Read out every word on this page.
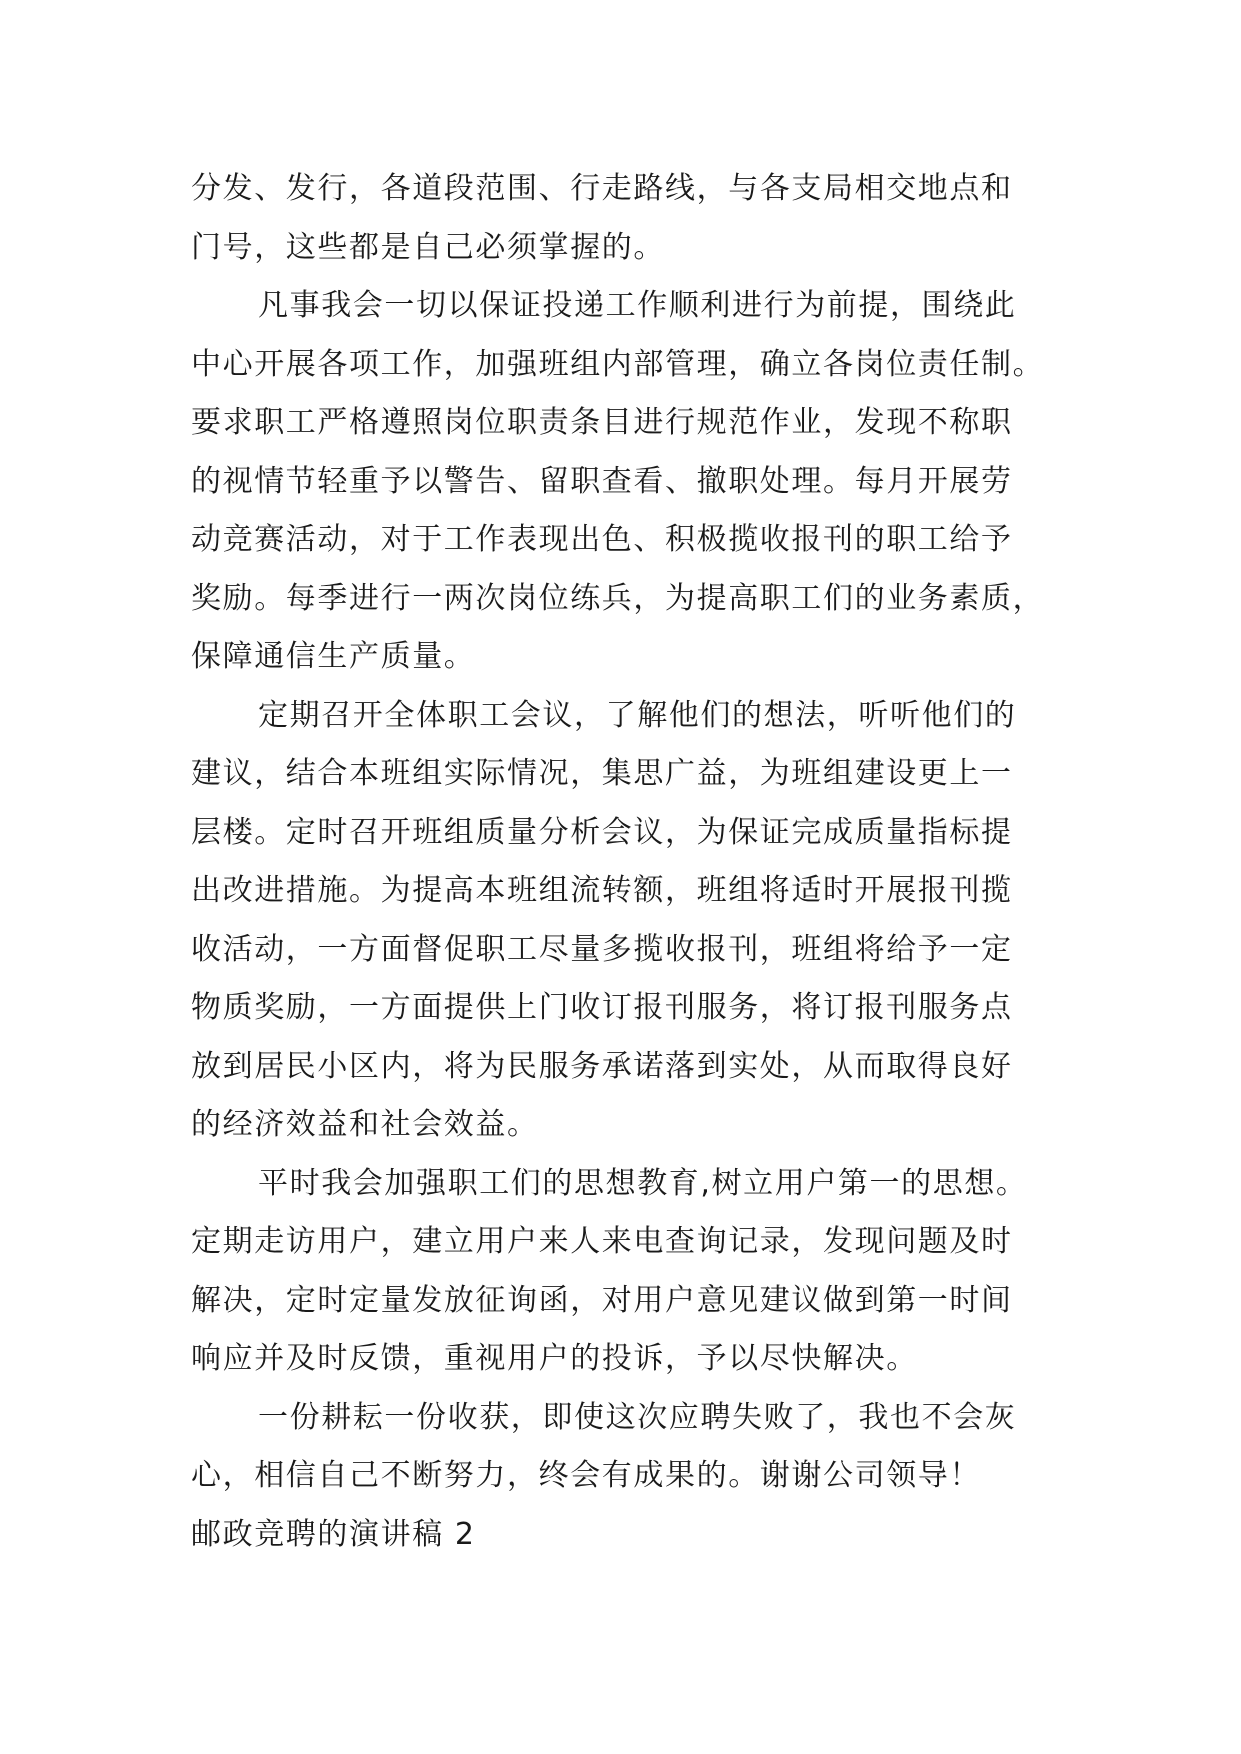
分发、发行，各道段范围、行走路线，与各支局相交地点和
门号，这些都是自己必须掌握的。
凡事我会一切以保证投递工作顺利进行为前提，围绕此
中心开展各项工作，加强班组内部管理，确立各岗位责任制。
要求职工严格遵照岗位职责条目进行规范作业，发现不称职
的视情节轻重予以警告、留职查看、撤职处理。每月开展劳
动竞赛活动，对于工作表现出色、积极揽收报刊的职工给予
奖励。每季进行一两次岗位练兵，为提高职工们的业务素质，
保障通信生产质量。
定期召开全体职工会议，了解他们的想法，听听他们的
建议，结合本班组实际情况，集思广益，为班组建设更上一
层楼。定时召开班组质量分析会议，为保证完成质量指标提
出改进措施。为提高本班组流转额，班组将适时开展报刊揽
收活动，一方面督促职工尽量多揽收报刊，班组将给予一定
物质奖励，一方面提供上门收订报刊服务，将订报刊服务点
放到居民小区内，将为民服务承诺落到实处，从而取得良好
的经济效益和社会效益。
平时我会加强职工们的思想教育,树立用户第一的思想。
定期走访用户，建立用户来人来电查询记录，发现问题及时
解决，定时定量发放征询函，对用户意见建议做到第一时间
响应并及时反馈，重视用户的投诉，予以尽快解决。
一份耕耘一份收获，即使这次应聘失败了，我也不会灰
心，相信自己不断努力，终会有成果的。谢谢公司领导！
邮政竞聘的演讲稿 2
